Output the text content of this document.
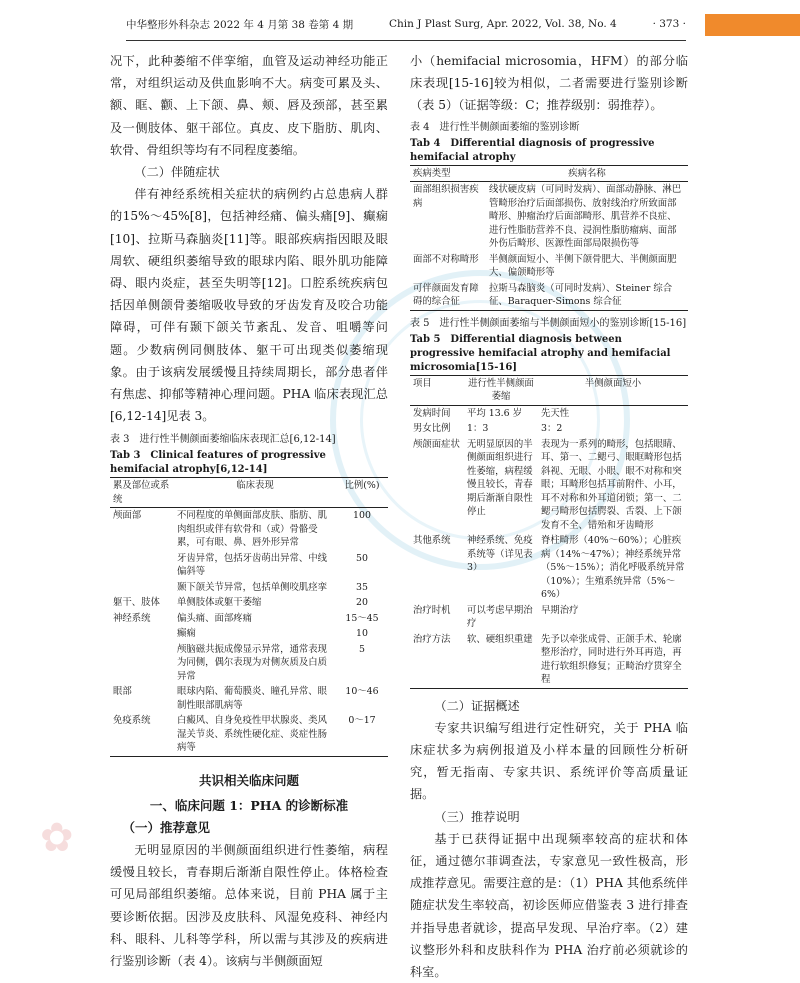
中华整形外科杂志 2022 年 4 月第 38 卷第 4 期	Chin J Plast Surg, Apr. 2022, Vol. 38, No. 4	· 373 ·
✿

况下，此种萎缩不伴挛缩，血管及运动神经功能正常，对组织运动及供血影响不大。病变可累及头、额、眶、颧、上下颌、鼻、颊、唇及颈部，甚至累及一侧肢体、躯干部位。真皮、皮下脂肪、肌肉、软骨、骨组织等均有不同程度萎缩。

（二）伴随症状

伴有神经系统相关症状的病例约占总患病人群的15%～45%[8]，包括神经痛、偏头痛[9]、癫痫[10]、拉斯马森脑炎[11]等。眼部疾病指因眼及眼周软、硬组织萎缩导致的眼球内陷、眼外肌功能障碍、眼内炎症，甚至失明等[12]。口腔系统疾病包括因单侧颌骨萎缩吸收导致的牙齿发育及咬合功能障碍，可伴有颞下颌关节紊乱、发音、咀嚼等问题。少数病例同侧肢体、躯干可出现类似萎缩现象。由于该病发展缓慢且持续周期长，部分患者伴有焦虑、抑郁等精神心理问题。PHA 临床表现汇总[6,12-14]见表 3。

表 3　进行性半侧颜面萎缩临床表现汇总[6,12-14]

Tab 3　Clinical features of progressive hemifacial atrophy[6,12-14]

累及部位或系统	临床表现	比例(%)
颅面部	不同程度的单侧面部皮肤、脂肪、肌肉组织或伴有软骨和（或）骨骼受累，可有眼、鼻、唇外形异常	100
	牙齿异常，包括牙齿萌出异常、中线偏斜等	50
	颞下颌关节异常，包括单侧咬肌痉挛	35
躯干、肢体	单侧肢体或躯干萎缩	20
神经系统	偏头痛、面部疼痛	15～45
	癫痫	10
	颅脑磁共振成像显示异常，通常表现为同侧，偶尔表现为对侧灰质及白质异常	5
眼部	眼球内陷、葡萄膜炎、瞳孔异常、眼制性眼部肌病等	10～46
免疫系统	白癜风、自身免疫性甲状腺炎、类风湿关节炎、系统性硬化症、炎症性肠病等	0～17

共识相关临床问题

一、临床问题 1：PHA 的诊断标准

（一）推荐意见

无明显原因的半侧颜面组织进行性萎缩，病程缓慢且较长，青春期后渐渐自限性停止。体格检查可见局部组织萎缩。总体来说，目前 PHA 属于主要诊断依据。因涉及皮肤科、风湿免疫科、神经内科、眼科、儿科等学科，所以需与其涉及的疾病进行鉴别诊断（表 4）。该病与半侧颜面短

小（hemifacial microsomia，HFM）的部分临床表现[15-16]较为相似，二者需要进行鉴别诊断（表 5）（证据等级：C；推荐级别：弱推荐）。

表 4　进行性半侧颜面萎缩的鉴别诊断

Tab 4　Differential diagnosis of progressive hemifacial atrophy

疾病类型	疾病名称
面部组织损害疾病	线状硬皮病（可同时发病）、面部动静脉、淋巴管畸形治疗后面部损伤、放射线治疗所致面部畸形、肿瘤治疗后面部畸形、肌营养不良症、进行性脂肪营养不良、浸润性脂肪瘤病、面部外伤后畸形、医源性面部局限损伤等
面部不对称畸形	半侧颜面短小、半侧下颌骨肥大、半侧颜面肥大、偏颌畸形等
可伴颜面发育障碍的综合征	拉斯马森脑炎（可同时发病）、Steiner 综合征、Baraquer-Simons 综合征

表 5　进行性半侧颜面萎缩与半侧颜面短小的鉴别诊断[15-16]

Tab 5　Differential diagnosis between progressive hemifacial atrophy and hemifacial microsomia[15-16]

项目	进行性半侧颜面萎缩	半侧颜面短小
发病时间	平均 13.6 岁	先天性
男女比例	1：3	3：2
颅颌面症状	无明显原因的半侧颜面组织进行性萎缩，病程缓慢且较长，青春期后渐渐自限性停止	表现为一系列的畸形，包括眼睛、耳、第一、二鳃弓、眼眶畸形包括斜视、无眼、小眼、眼不对称和突眼；耳畸形包括耳前附件、小耳，耳不对称和外耳道闭锁；第一、二鳃弓畸形包括腭裂、舌裂、上下颌发育不全、错殆和牙齿畸形
其他系统	神经系统、免疫系统等（详见表 3）	脊柱畸形（40%～60%）；心脏疾病（14%～47%）；神经系统异常（5%～15%）；消化呼吸系统异常（10%）；生殖系统异常（5%～6%）
治疗时机	可以考虑早期治疗	早期治疗
治疗方法	软、硬组织重建	先予以牵张成骨、正颌手术、轮廓整形治疗，同时进行外耳再造，再进行软组织修复；正畸治疗贯穿全程

（二）证据概述

专家共识编写组进行定性研究，关于 PHA 临床症状多为病例报道及小样本量的回顾性分析研究，暂无指南、专家共识、系统评价等高质量证据。

（三）推荐说明

基于已获得证据中出现频率较高的症状和体征，通过德尔菲调查法，专家意见一致性极高，形成推荐意见。需要注意的是：（1）PHA 其他系统伴随症状发生率较高，初诊医师应借鉴表 3 进行排查并指导患者就诊，提高早发现、早治疗率。（2）建议整形外科和皮肤科作为 PHA 治疗前必须就诊的科室。
